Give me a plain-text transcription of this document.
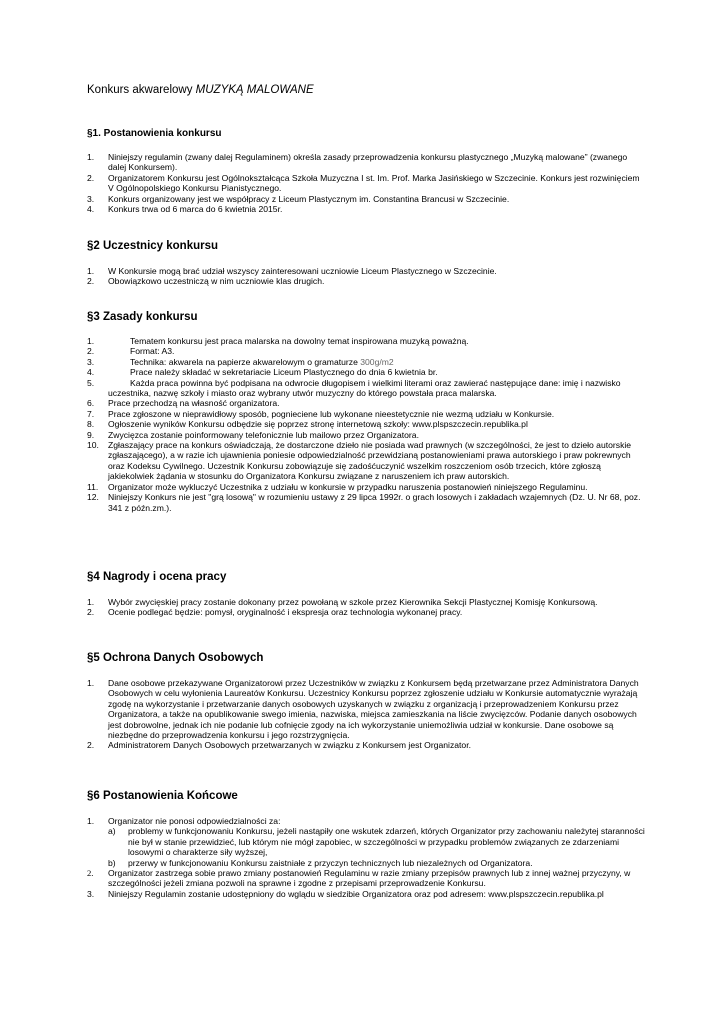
Konkurs akwarelowy MUZYKĄ MALOWANE
§1. Postanowienia konkursu
1. Niniejszy regulamin (zwany dalej Regulaminem) określa zasady przeprowadzenia konkursu plastycznego „Muzyką malowane” (zwanego dalej Konkursem).
2. Organizatorem Konkursu jest Ogólnokształcąca Szkoła Muzyczna I st. Im. Prof. Marka Jasińskiego w Szczecinie. Konkurs jest rozwinięciem V Ogólnopolskiego Konkursu Pianistycznego.
3. Konkurs organizowany jest we współpracy z Liceum Plastycznym im. Constantina Brancusi w Szczecinie.
4. Konkurs trwa od 6 marca do 6 kwietnia 2015r.
§2 Uczestnicy konkursu
1. W Konkursie mogą brać udział wszyscy zainteresowani uczniowie Liceum Plastycznego w Szczecinie.
2. Obowiązkowo uczestniczą w nim uczniowie klas drugich.
§3 Zasady konkursu
1.	Tematem konkursu jest praca malarska na dowolny temat inspirowana muzyką poważną.
2.	Format: A3.
3.	Technika: akwarela na papierze akwarelowym o gramaturze 300g/m2
4.	Prace należy składać w sekretariacie Liceum Plastycznego do dnia 6 kwietnia br.
5.	Każda praca powinna być podpisana na odwrocie długopisem i wielkimi literami oraz zawierać następujące dane: imię i nazwisko uczestnika, nazwę szkoły i miasto oraz wybrany utwór muzyczny do którego powstała praca malarska.
6. Prace przechodzą na własność organizatora.
7. Prace zgłoszone w nieprawidłowy sposób, pognieciene lub wykonane nieestetycznie nie wezmą udziału w Konkursie.
8. Ogłoszenie wyników Konkursu odbędzie się poprzez stronę internetową szkoły: www.plspszczecin.republika.pl
9. Zwycięzca zostanie poinformowany telefonicznie lub mailowo przez Organizatora.
10. Zgłaszający prace na konkurs oświadczają, że dostarczone dzieło nie posiada wad prawnych (w szczególności, że jest to dzieło autorskie zgłaszającego), a w razie ich ujawnienia poniesie odpowiedzialność przewidzianą postanowieniami prawa autorskiego i praw pokrewnych oraz Kodeksu Cywilnego. Uczestnik Konkursu zobowiązuje się zadośćuczynić wszelkim roszczeniom osób trzecich, które zgłoszą jakiekolwiek żądania w stosunku do Organizatora Konkursu związane z naruszeniem ich praw autorskich.
11. Organizator może wykluczyć Uczestnika z udziału w konkursie w przypadku naruszenia postanowień niniejszego Regulaminu.
12. Niniejszy Konkurs nie jest "grą losową" w rozumieniu ustawy z 29 lipca 1992r. o grach losowych i zakładach wzajemnych (Dz. U. Nr 68, poz. 341 z późn.zm.).
§4 Nagrody i ocena pracy
1. Wybór zwycięskiej pracy zostanie dokonany przez powołaną w szkole przez Kierownika Sekcji Plastycznej Komisję Konkursową.
2. Ocenie podlegać będzie: pomysł, oryginalność i ekspresja oraz technologia wykonanej pracy.
§5 Ochrona Danych Osobowych
1. Dane osobowe przekazywane Organizatorowi przez Uczestników w związku z Konkursem będą przetwarzane przez Administratora Danych Osobowych w celu wyłonienia Laureatów Konkursu. Uczestnicy Konkursu poprzez zgłoszenie udziału w Konkursie automatycznie wyrażają zgodę na wykorzystanie i przetwarzanie danych osobowych uzyskanych w związku z organizacją i przeprowadzeniem Konkursu przez Organizatora, a także na opublikowanie swego imienia, nazwiska, miejsca zamieszkania na liście zwycięzców. Podanie danych osobowych jest dobrowolne, jednak ich nie podanie lub cofnięcie zgody na ich wykorzystanie uniemożliwia udział w konkursie. Dane osobowe są niezbędne do przeprowadzenia konkursu i jego rozstrzygnięcia.
2. Administratorem Danych Osobowych przetwarzanych w związku z Konkursem jest Organizator.
§6 Postanowienia Końcowe
1. Organizator nie ponosi odpowiedzialności za:
a) problemy w funkcjonowaniu Konkursu, jeżeli nastąpiły one wskutek zdarzeń, których Organizator przy zachowaniu należytej staranności nie był w stanie przewidzieć, lub którym nie mógł zapobiec, w szczególności w przypadku problemów związanych ze zdarzeniami losowymi o charakterze siły wyższej,
b) przerwy w funkcjonowaniu Konkursu zaistniałe z przyczyn technicznych lub niezależnych od Organizatora.
2. Organizator zastrzega sobie prawo zmiany postanowień Regulaminu w razie zmiany przepisów prawnych lub z innej ważnej przyczyny, w szczególności jeżeli zmiana pozwoli na sprawne i zgodne z przepisami przeprowadzenie Konkursu.
3. Niniejszy Regulamin zostanie udostępniony do wglądu w siedzibie Organizatora oraz pod adresem: www.plspszczecin.republika.pl
